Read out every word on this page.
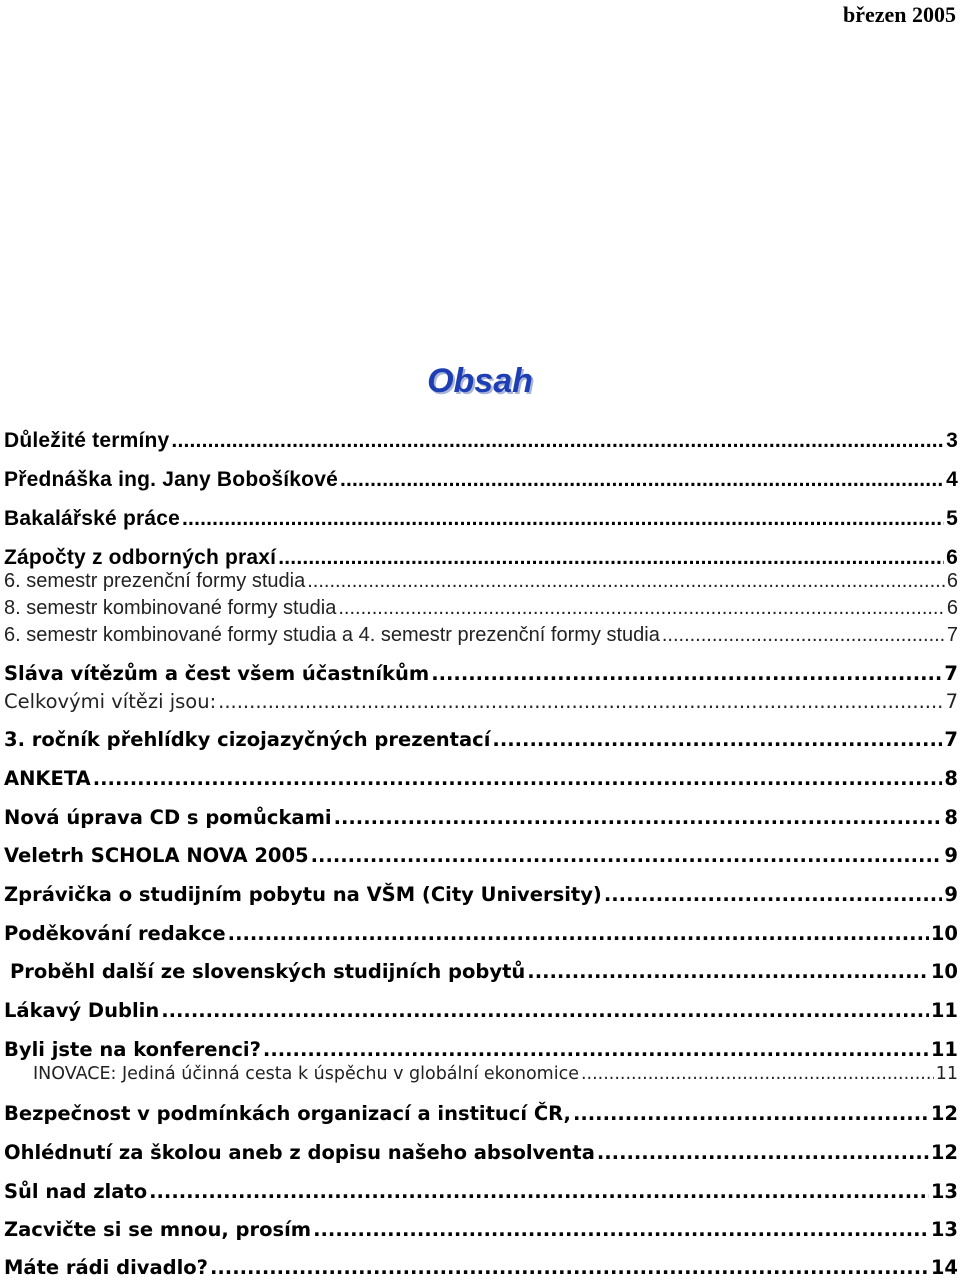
březen 2005
Obsah
Důležité termíny .....	3
Přednáška ing. Jany Bobošíkové .....	4
Bakalářské práce .....	5
Zápočty z odborných praxí .....	6
6. semestr prezenční formy studia .....	6
8. semestr kombinované formy studia .....	6
6. semestr kombinované formy studia a 4. semestr prezenční formy studia .....	7
Sláva vítězům a čest všem účastníkům .....	7
Celkovými vítězi jsou: .....	7
3. ročník přehlídky cizojazyčných prezentací .....	7
ANKETA .....	8
Nová úprava CD s pomůckami .....	8
Veletrh SCHOLA NOVA 2005 .....	9
Zprávička o studijním pobytu na VŠM (City University) .....	9
Poděkování redakce .....	10
Proběhl další ze slovenských studijních pobytů .....	10
Lákavý Dublin .....	11
Byli jste na konferenci? .....	11
INOVACE: Jediná účinná cesta k úspěchu v globální ekonomice .....	11
Bezpečnost v podmínkách organizací a institucí ČR, .....	12
Ohlédnutí za školou aneb z dopisu našeho absolventa .....	12
Sůl nad zlato .....	13
Zacvičte si se mnou, prosím .....	13
Máte rádi divadlo? .....	14
